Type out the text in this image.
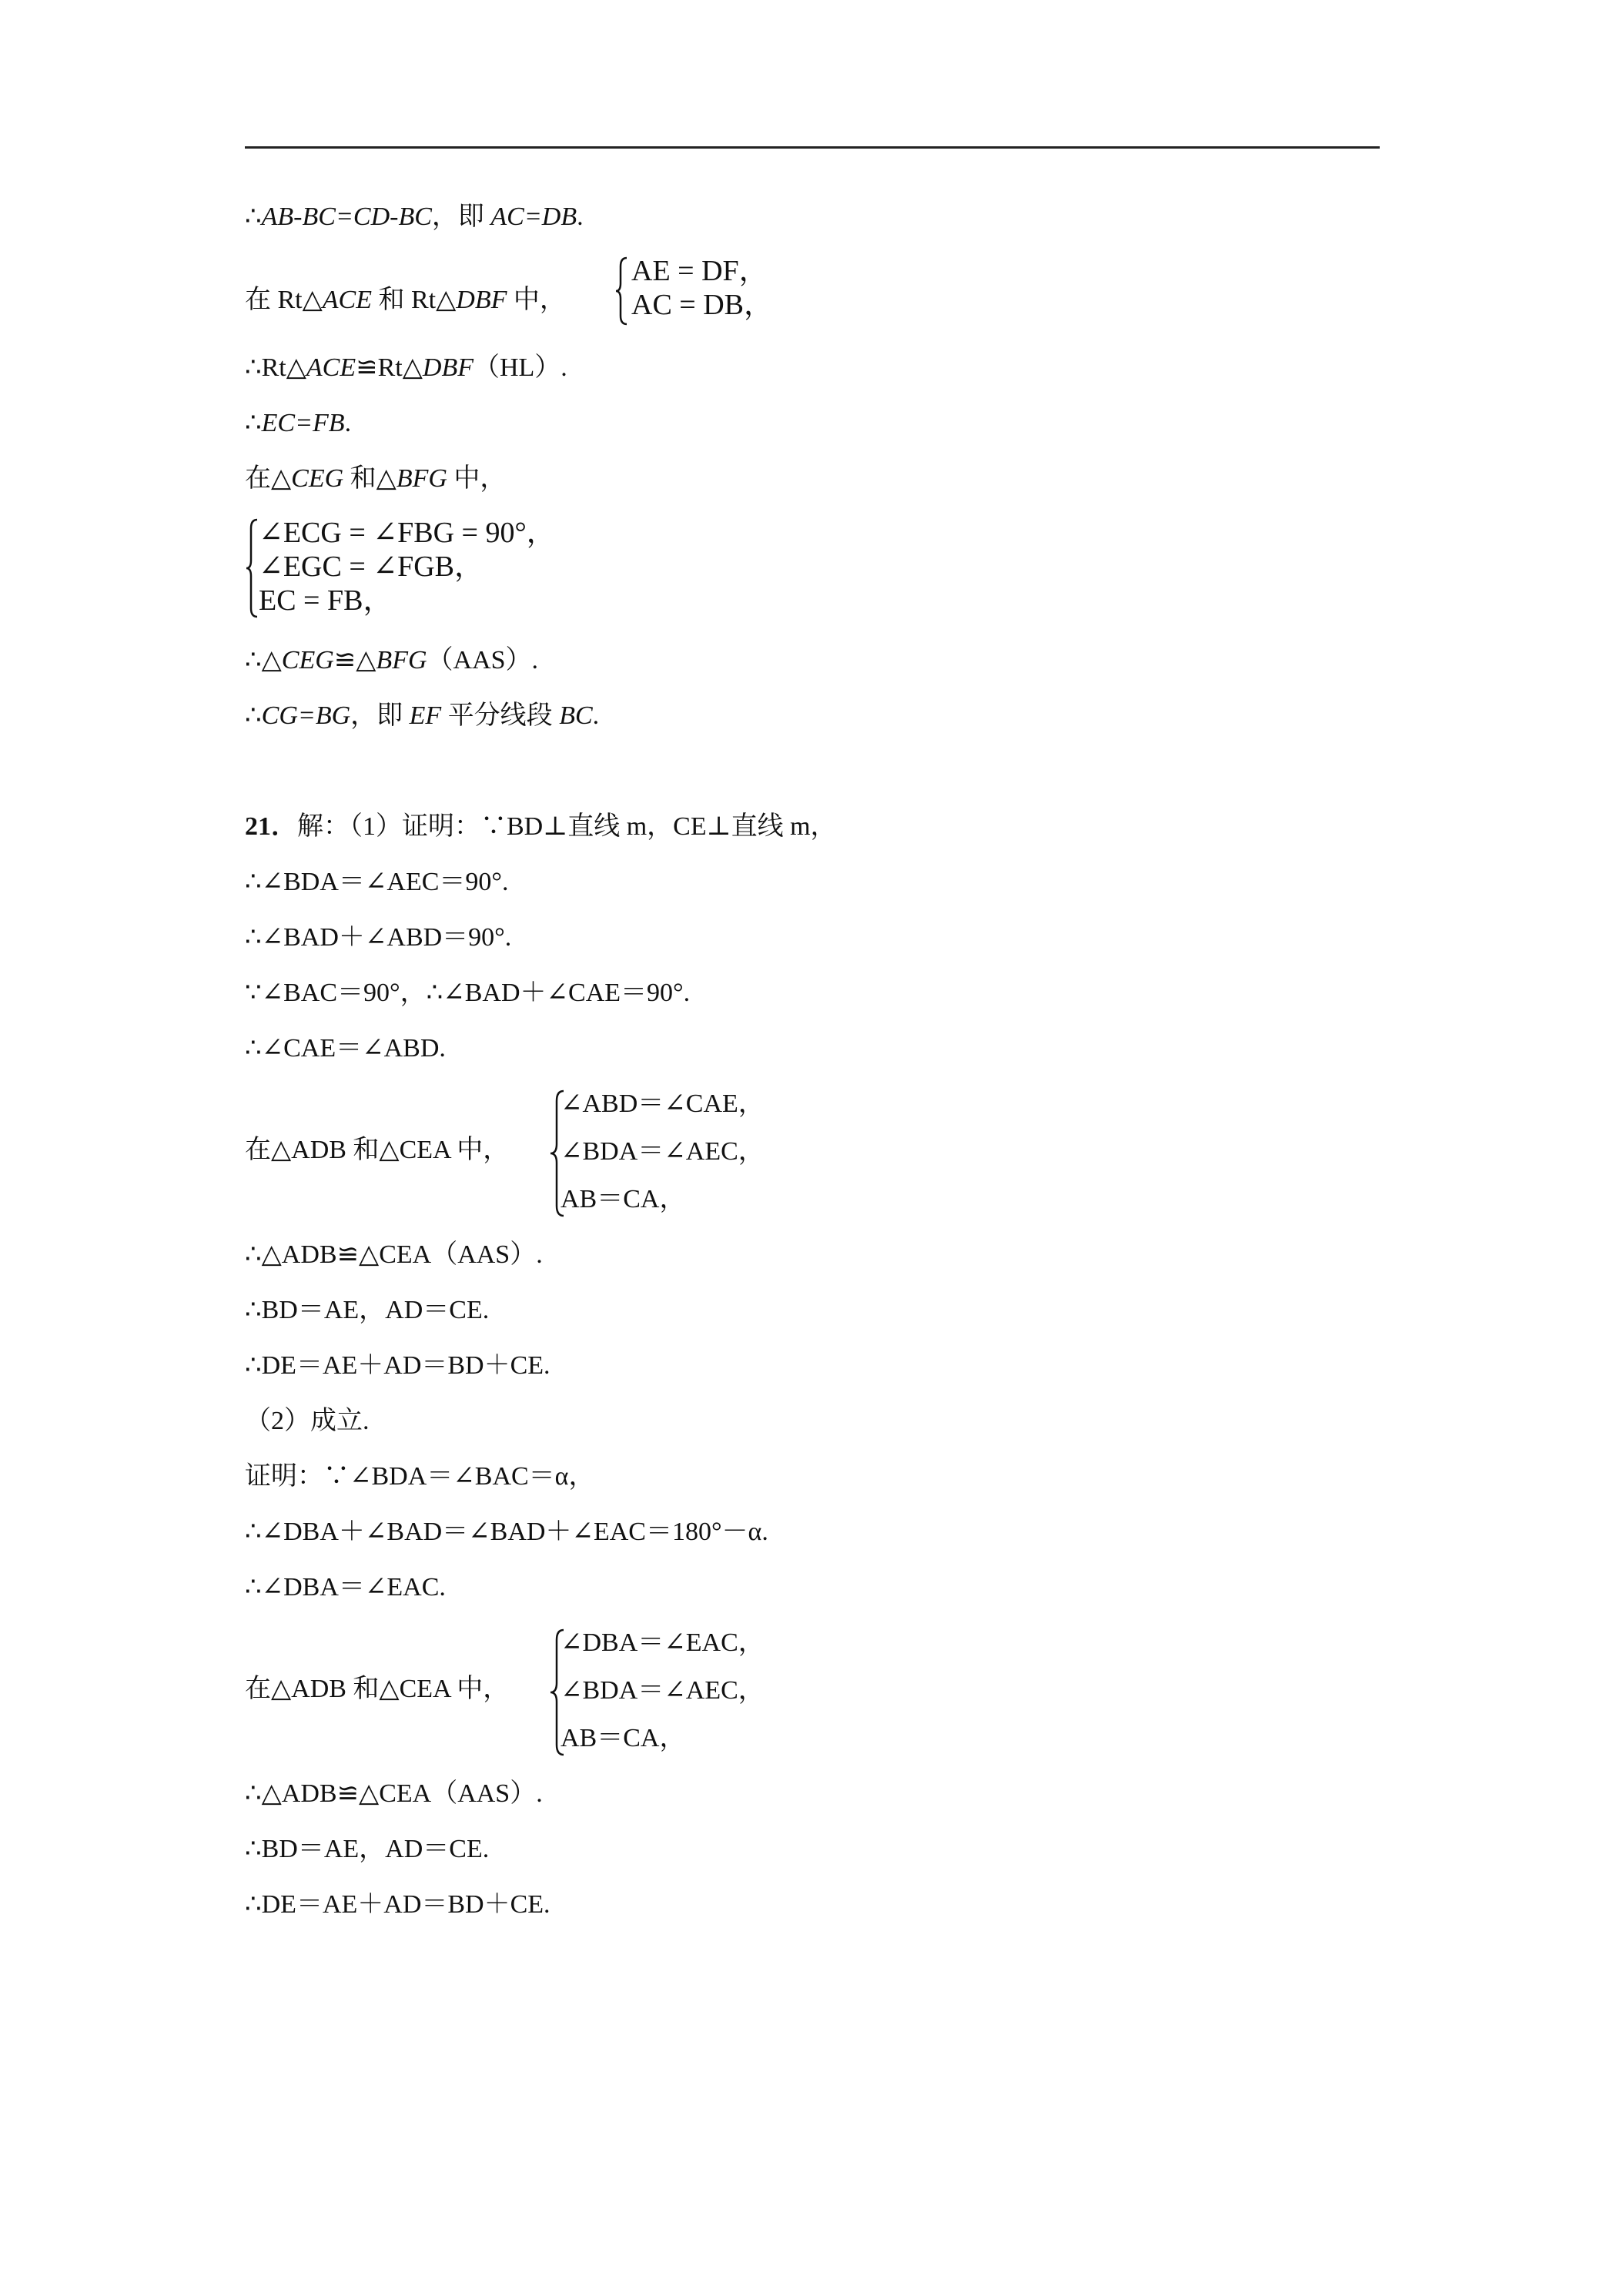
∴AB-BC=CD-BC，即 AC=DB.
在 Rt△ACE 和 Rt△DBF 中，
AE = DF，
AC = DB，
∴Rt△ACE≌Rt△DBF（HL）.
∴EC=FB.
在△CEG 和△BFG 中，
∠ECG = ∠FBG = 90°，
∠EGC = ∠FGB，
EC = FB，
∴△CEG≌△BFG（AAS）.
∴CG=BG，即 EF 平分线段 BC.
21．解：（1）证明：∵BD⊥直线 m，CE⊥直线 m，
∴∠BDA＝∠AEC＝90°.
∴∠BAD＋∠ABD＝90°.
∵∠BAC＝90°，∴∠BAD＋∠CAE＝90°.
∴∠CAE＝∠ABD.
在△ADB 和△CEA 中，
∠ABD＝∠CAE，
∠BDA＝∠AEC，
AB＝CA，
∴△ADB≌△CEA（AAS）.
∴BD＝AE，AD＝CE.
∴DE＝AE＋AD＝BD＋CE.
（2）成立.
证明：∵∠BDA＝∠BAC＝α，
∴∠DBA＋∠BAD＝∠BAD＋∠EAC＝180°－α.
∴∠DBA＝∠EAC.
在△ADB 和△CEA 中，
∠DBA＝∠EAC，
∠BDA＝∠AEC，
AB＝CA，
∴△ADB≌△CEA（AAS）.
∴BD＝AE，AD＝CE.
∴DE＝AE＋AD＝BD＋CE.
